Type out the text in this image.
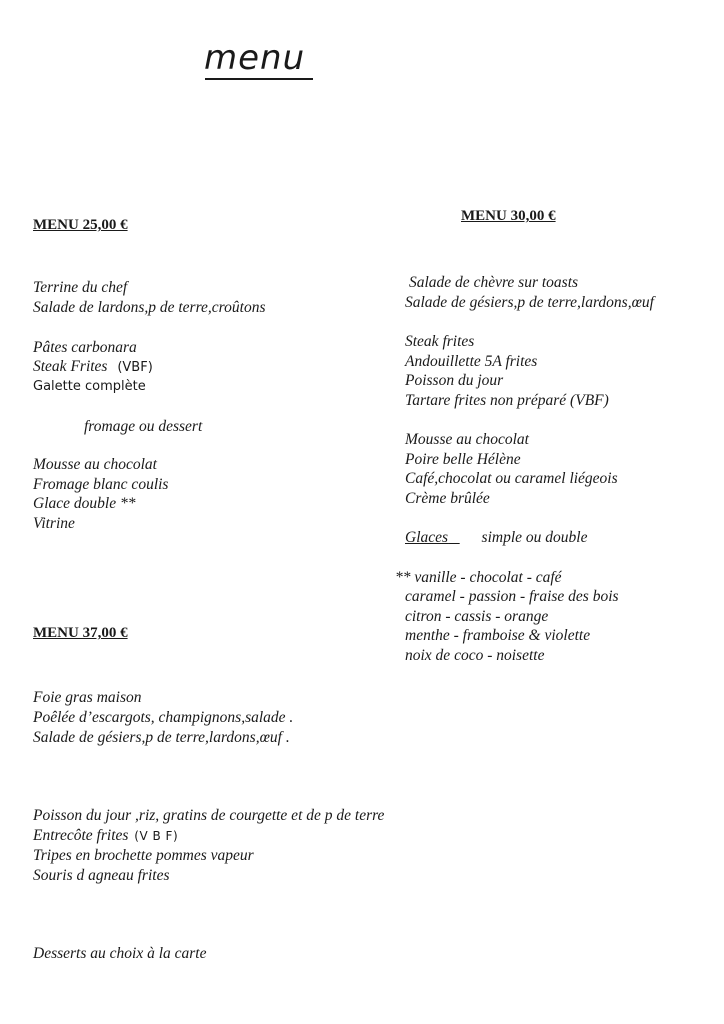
menu
MENU 25,00 €
Terrine du chef
Salade de lardons,p de terre,croûtons
Pâtes carbonara
Steak Frites (VBF)
Galette complète
fromage ou dessert
Mousse au chocolat
Fromage blanc coulis
Glace double **
Vitrine
MENU 30,00 €
Salade de chèvre sur toasts
Salade de gésiers,p de terre,lardons,œuf
Steak frites
Andouillette 5A frites
Poisson du jour
Tartare frites non préparé (VBF)
Mousse au chocolat
Poire belle Hélène
Café,chocolat ou caramel liégeois
Crème brûlée
Glaces simple ou double
** vanille - chocolat - café
caramel - passion - fraise des bois
citron - cassis - orange
menthe - framboise & violette
noix de coco - noisette
MENU 37,00 €
Foie gras maison
Poêlée d’escargots, champignons,salade .
Salade de gésiers,p de terre,lardons,œuf .
Poisson du jour ,riz, gratins de courgette et de p de terre
Entrecôte frites (V B F)
Tripes en brochette pommes vapeur
Souris d agneau frites
Desserts au choix à la carte
